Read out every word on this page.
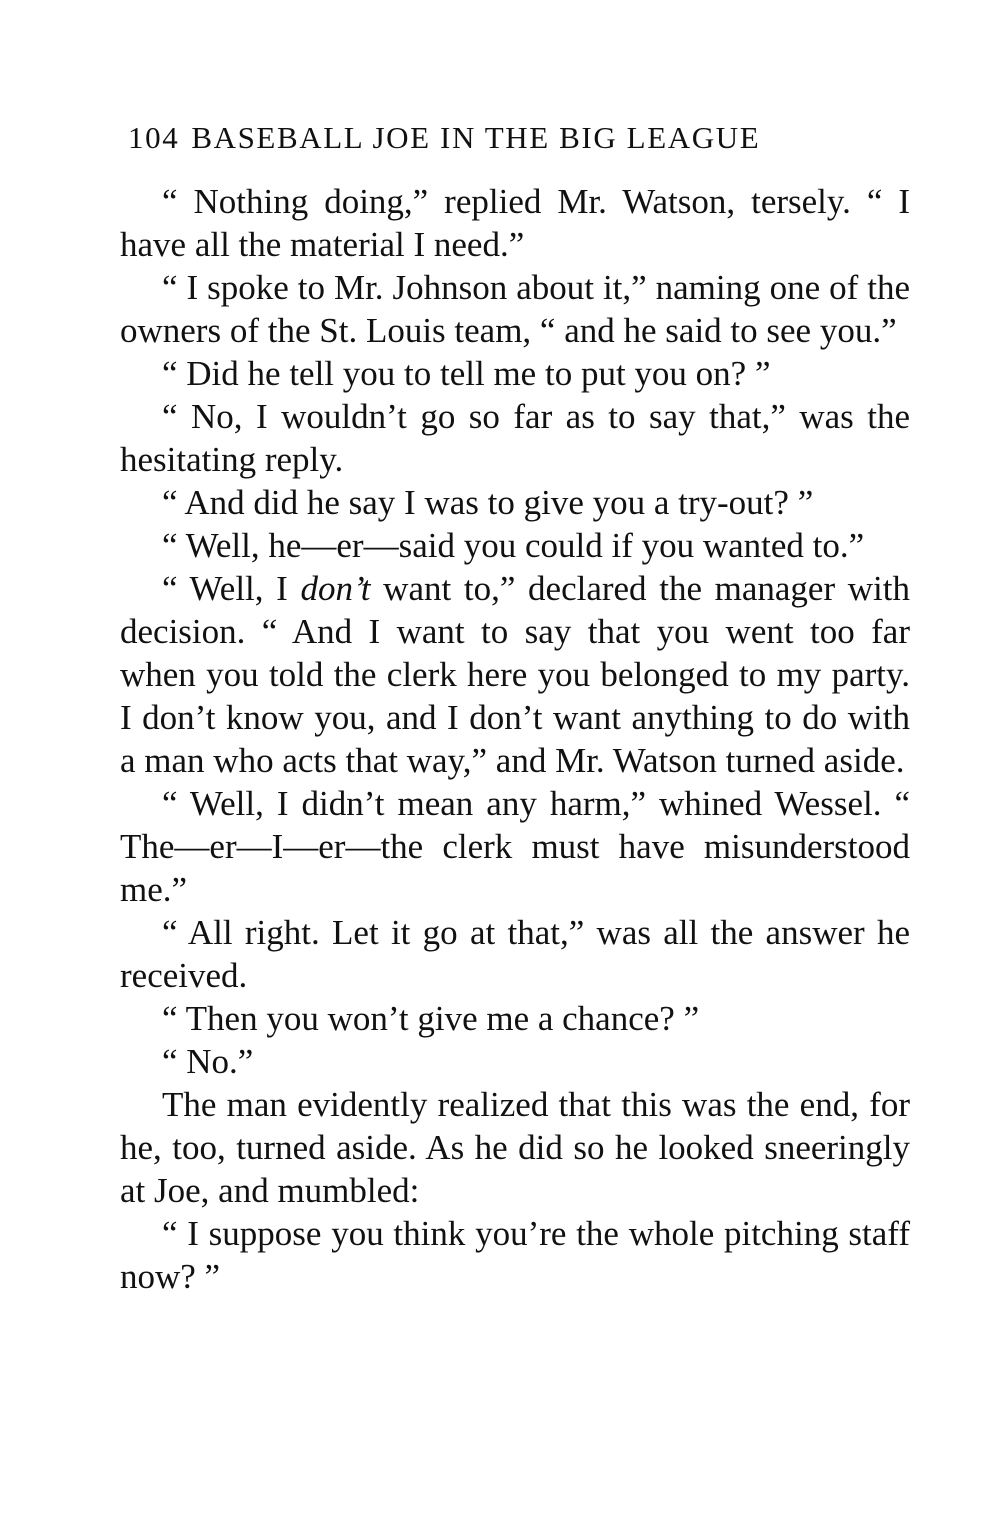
104 BASEBALL JOE IN THE BIG LEAGUE

“ Nothing doing,” replied Mr. Watson, tersely. “ I have all the material I need.”

“ I spoke to Mr. Johnson about it,” naming one of the owners of the St. Louis team, “ and he said to see you.”

“ Did he tell you to tell me to put you on? ”

“ No, I wouldn’t go so far as to say that,” was the hesitating reply.

“ And did he say I was to give you a try-out? ”

“ Well, he—er—said you could if you wanted to.”

“ Well, I don’t want to,” declared the manager with decision. “ And I want to say that you went too far when you told the clerk here you belonged to my party. I don’t know you, and I don’t want anything to do with a man who acts that way,” and Mr. Watson turned aside.

“ Well, I didn’t mean any harm,” whined Wessel. “ The—er—I—er—the clerk must have misunderstood me.”

“ All right. Let it go at that,” was all the answer he received.

“ Then you won’t give me a chance? ”

“ No.”

The man evidently realized that this was the end, for he, too, turned aside. As he did so he looked sneeringly at Joe, and mumbled:

“ I suppose you think you’re the whole pitching staff now? ”
